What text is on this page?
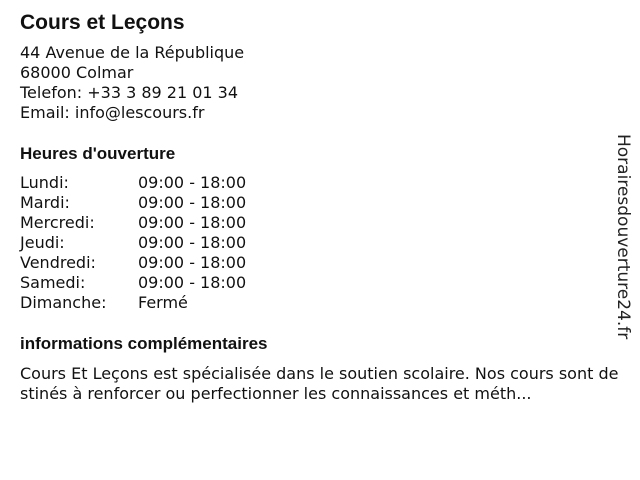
Cours et Leçons
44 Avenue de la République
68000 Colmar
Telefon: +33 3 89 21 01 34
Email: info@lescours.fr
Heures d'ouverture
Lundi:	09:00 - 18:00
Mardi:	09:00 - 18:00
Mercredi:	09:00 - 18:00
Jeudi:	09:00 - 18:00
Vendredi:	09:00 - 18:00
Samedi:	09:00 - 18:00
Dimanche:	Fermé
informations complémentaires
Cours Et Leçons est spécialisée dans le soutien scolaire. Nos cours sont destinés à renforcer ou perfectionner les connaissances et méth...
Horairesdouverture24.fr
